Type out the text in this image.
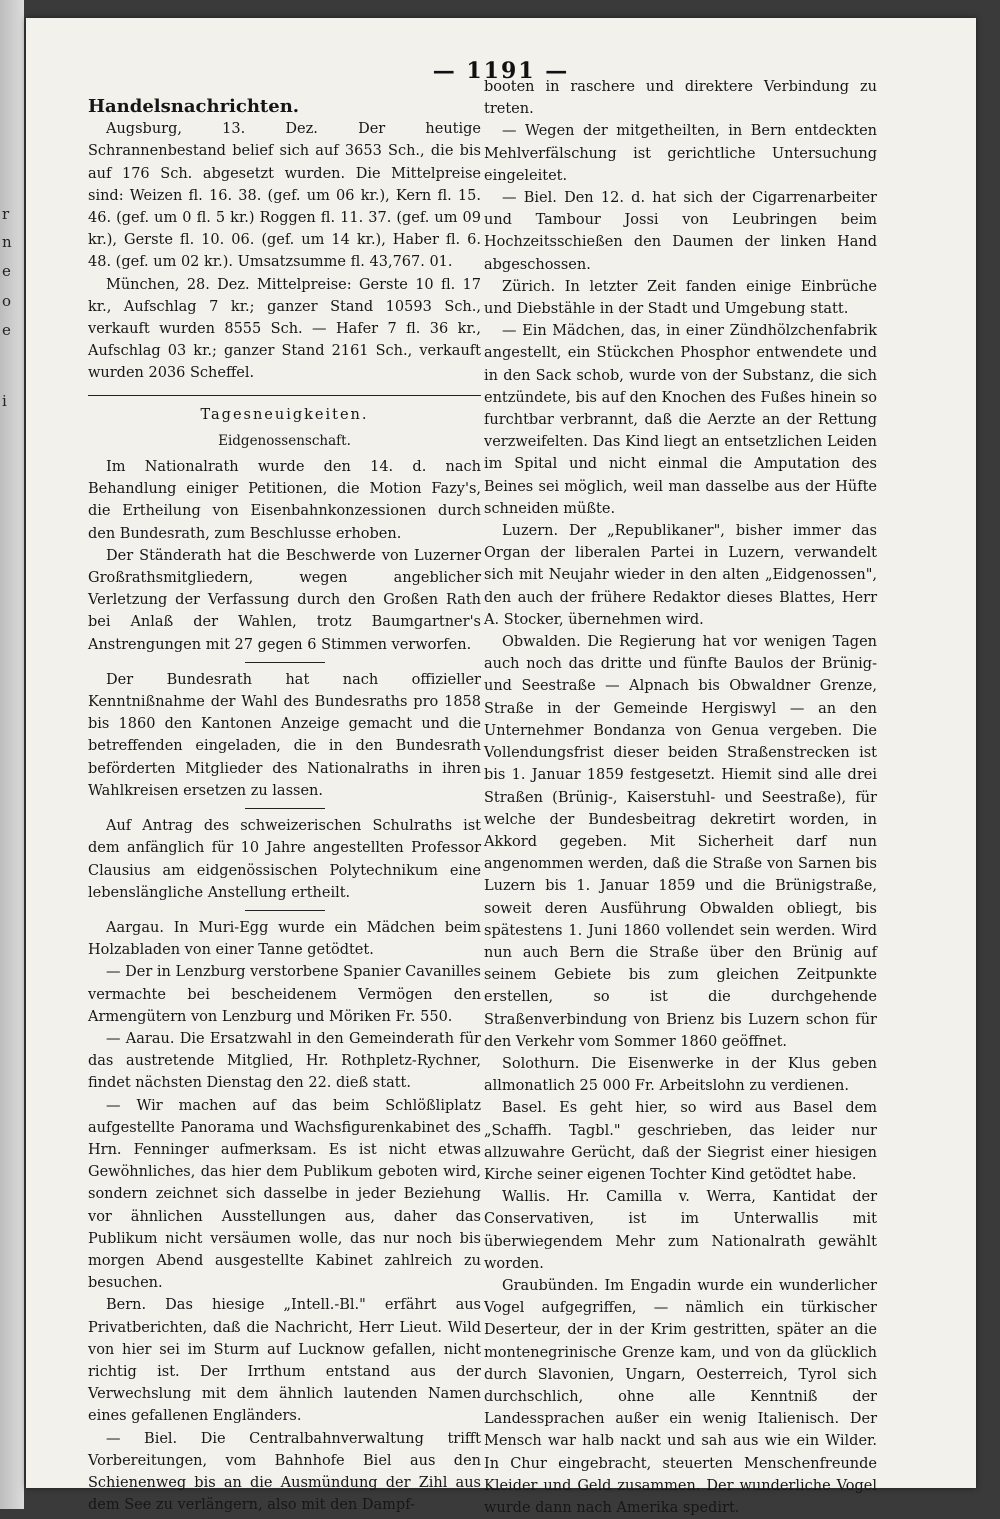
r
n
e
o
e
i
— 1191 —

Handelsnachrichten.

Augsburg, 13. Dez. Der heutige Schrannenbestand belief sich auf 3653 Sch., die bis auf 176 Sch. abgesetzt wurden. Die Mittelpreise sind: Weizen fl. 16. 38. (gef. um 06 kr.), Kern fl. 15. 46. (gef. um 0 fl. 5 kr.) Roggen fl. 11. 37. (gef. um 09 kr.), Gerste fl. 10. 06. (gef. um 14 kr.), Haber fl. 6. 48. (gef. um 02 kr.). Umsatzsumme fl. 43,767. 01.

München, 28. Dez. Mittelpreise: Gerste 10 fl. 17 kr., Aufschlag 7 kr.; ganzer Stand 10593 Sch., verkauft wurden 8555 Sch. — Hafer 7 fl. 36 kr., Aufschlag 03 kr.; ganzer Stand 2161 Sch., verkauft wurden 2036 Scheffel.

Tagesneuigkeiten.
Eidgenossenschaft.

Im Nationalrath wurde den 14. d. nach Behandlung einiger Petitionen, die Motion Fazy's, die Ertheilung von Eisenbahnkonzessionen durch den Bundesrath, zum Beschlusse erhoben.

Der Ständerath hat die Beschwerde von Luzerner Großrathsmitgliedern, wegen angeblicher Verletzung der Verfassung durch den Großen Rath bei Anlaß der Wahlen, trotz Baumgartner's Anstrengungen mit 27 gegen 6 Stimmen verworfen.

Der Bundesrath hat nach offizieller Kenntnißnahme der Wahl des Bundesraths pro 1858 bis 1860 den Kantonen Anzeige gemacht und die betreffenden eingeladen, die in den Bundesrath beförderten Mitglieder des Nationalraths in ihren Wahlkreisen ersetzen zu lassen.

Auf Antrag des schweizerischen Schulraths ist dem anfänglich für 10 Jahre angestellten Professor Clausius am eidgenössischen Polytechnikum eine lebenslängliche Anstellung ertheilt.

Aargau. In Muri-Egg wurde ein Mädchen beim Holzabladen von einer Tanne getödtet.

— Der in Lenzburg verstorbene Spanier Cavanilles vermachte bei bescheidenem Vermögen den Armengütern von Lenzburg und Möriken Fr. 550.

— Aarau. Die Ersatzwahl in den Gemeinderath für das austretende Mitglied, Hr. Rothpletz-Rychner, findet nächsten Dienstag den 22. dieß statt.

— Wir machen auf das beim Schlößliplatz aufgestellte Panorama und Wachsfigurenkabinet des Hrn. Fenninger aufmerksam. Es ist nicht etwas Gewöhnliches, das hier dem Publikum geboten wird, sondern zeichnet sich dasselbe in jeder Beziehung vor ähnlichen Ausstellungen aus, daher das Publikum nicht versäumen wolle, das nur noch bis morgen Abend ausgestellte Kabinet zahlreich zu besuchen.

Bern. Das hiesige „Intell.-Bl." erfährt aus Privatberichten, daß die Nachricht, Herr Lieut. Wild von hier sei im Sturm auf Lucknow gefallen, nicht richtig ist. Der Irrthum entstand aus der Verwechslung mit dem ähnlich lautenden Namen eines gefallenen Engländers.

— Biel. Die Centralbahnverwaltung trifft Vorbereitungen, vom Bahnhofe Biel aus den Schienenweg bis an die Ausmündung der Zihl aus dem See zu verlängern, also mit den Dampf-

booten in raschere und direktere Verbindung zu treten.

— Wegen der mitgetheilten, in Bern entdeckten Mehlverfälschung ist gerichtliche Untersuchung eingeleitet.

— Biel. Den 12. d. hat sich der Cigarrenarbeiter und Tambour Jossi von Leubringen beim Hochzeitsschießen den Daumen der linken Hand abgeschossen.

Zürich. In letzter Zeit fanden einige Einbrüche und Diebstähle in der Stadt und Umgebung statt.

— Ein Mädchen, das, in einer Zündhölzchenfabrik angestellt, ein Stückchen Phosphor entwendete und in den Sack schob, wurde von der Substanz, die sich entzündete, bis auf den Knochen des Fußes hinein so furchtbar verbrannt, daß die Aerzte an der Rettung verzweifelten. Das Kind liegt an entsetzlichen Leiden im Spital und nicht einmal die Amputation des Beines sei möglich, weil man dasselbe aus der Hüfte schneiden müßte.

Luzern. Der „Republikaner", bisher immer das Organ der liberalen Partei in Luzern, verwandelt sich mit Neujahr wieder in den alten „Eidgenossen", den auch der frühere Redaktor dieses Blattes, Herr A. Stocker, übernehmen wird.

Obwalden. Die Regierung hat vor wenigen Tagen auch noch das dritte und fünfte Baulos der Brünig- und Seestraße — Alpnach bis Obwaldner Grenze, Straße in der Gemeinde Hergiswyl — an den Unternehmer Bondanza von Genua vergeben. Die Vollendungsfrist dieser beiden Straßenstrecken ist bis 1. Januar 1859 festgesetzt. Hiemit sind alle drei Straßen (Brünig-, Kaiserstuhl- und Seestraße), für welche der Bundesbeitrag dekretirt worden, in Akkord gegeben. Mit Sicherheit darf nun angenommen werden, daß die Straße von Sarnen bis Luzern bis 1. Januar 1859 und die Brünigstraße, soweit deren Ausführung Obwalden obliegt, bis spätestens 1. Juni 1860 vollendet sein werden. Wird nun auch Bern die Straße über den Brünig auf seinem Gebiete bis zum gleichen Zeitpunkte erstellen, so ist die durchgehende Straßenverbindung von Brienz bis Luzern schon für den Verkehr vom Sommer 1860 geöffnet.

Solothurn. Die Eisenwerke in der Klus geben allmonatlich 25 000 Fr. Arbeitslohn zu verdienen.

Basel. Es geht hier, so wird aus Basel dem „Schaffh. Tagbl." geschrieben, das leider nur allzuwahre Gerücht, daß der Siegrist einer hiesigen Kirche seiner eigenen Tochter Kind getödtet habe.

Wallis. Hr. Camilla v. Werra, Kantidat der Conservativen, ist im Unterwallis mit überwiegendem Mehr zum Nationalrath gewählt worden.

Graubünden. Im Engadin wurde ein wunderlicher Vogel aufgegriffen, — nämlich ein türkischer Deserteur, der in der Krim gestritten, später an die montenegrinische Grenze kam, und von da glücklich durch Slavonien, Ungarn, Oesterreich, Tyrol sich durchschlich, ohne alle Kenntniß der Landessprachen außer ein wenig Italienisch. Der Mensch war halb nackt und sah aus wie ein Wilder. In Chur eingebracht, steuerten Menschenfreunde Kleider und Geld zusammen. Der wunderliche Vogel wurde dann nach Amerika spedirt.
